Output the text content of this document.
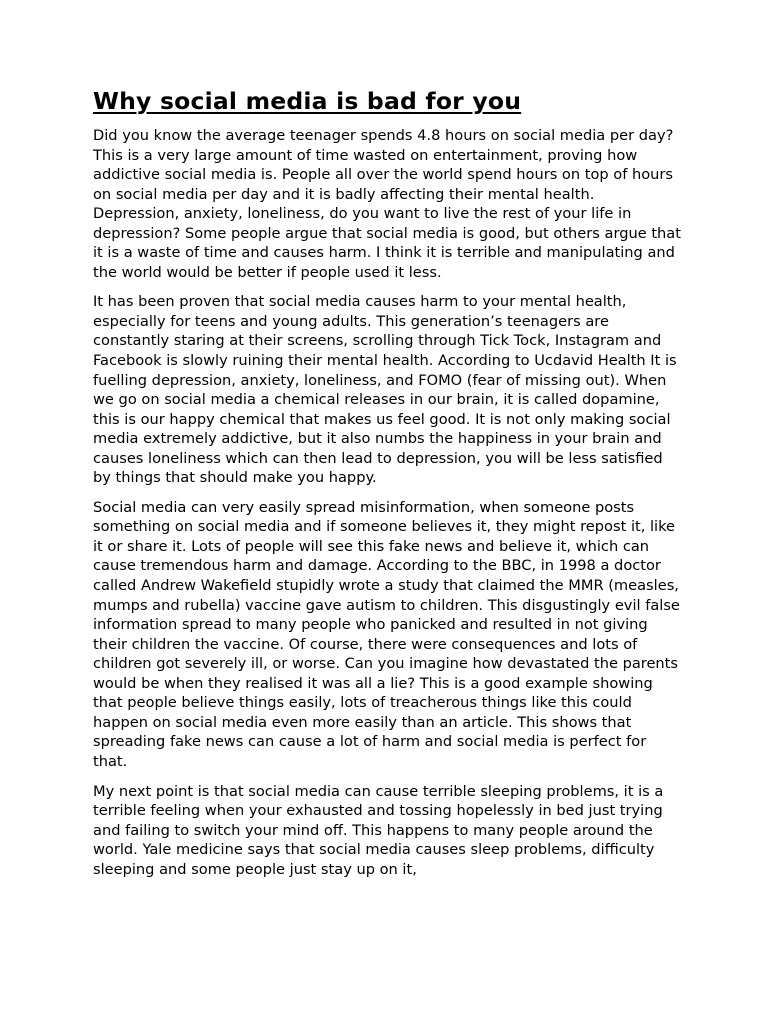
Why social media is bad for you

Did you know the average teenager spends 4.8 hours on social media per day? This is a very large amount of time wasted on entertainment, proving how addictive social media is. People all over the world spend hours on top of hours on social media per day and it is badly affecting their mental health. Depression, anxiety, loneliness, do you want to live the rest of your life in depression? Some people argue that social media is good, but others argue that it is a waste of time and causes harm. I think it is terrible and manipulating and the world would be better if people used it less.

It has been proven that social media causes harm to your mental health, especially for teens and young adults. This generation’s teenagers are constantly staring at their screens, scrolling through Tick Tock, Instagram and Facebook is slowly ruining their mental health. According to Ucdavid Health It is fuelling depression, anxiety, loneliness, and FOMO (fear of missing out). When we go on social media a chemical releases in our brain, it is called dopamine, this is our happy chemical that makes us feel good. It is not only making social media extremely addictive, but it also numbs the happiness in your brain and causes loneliness which can then lead to depression, you will be less satisfied by things that should make you happy.

Social media can very easily spread misinformation, when someone posts something on social media and if someone believes it, they might repost it, like it or share it. Lots of people will see this fake news and believe it, which can cause tremendous harm and damage. According to the BBC, in 1998 a doctor called Andrew Wakefield stupidly wrote a study that claimed the MMR (measles, mumps and rubella) vaccine gave autism to children. This disgustingly evil false information spread to many people who panicked and resulted in not giving their children the vaccine. Of course, there were consequences and lots of children got severely ill, or worse. Can you imagine how devastated the parents would be when they realised it was all a lie? This is a good example showing that people believe things easily, lots of treacherous things like this could happen on social media even more easily than an article. This shows that spreading fake news can cause a lot of harm and social media is perfect for that.

My next point is that social media can cause terrible sleeping problems, it is a terrible feeling when your exhausted and tossing hopelessly in bed just trying and failing to switch your mind off. This happens to many people around the world. Yale medicine says that social media causes sleep problems, difficulty sleeping and some people just stay up on it,
